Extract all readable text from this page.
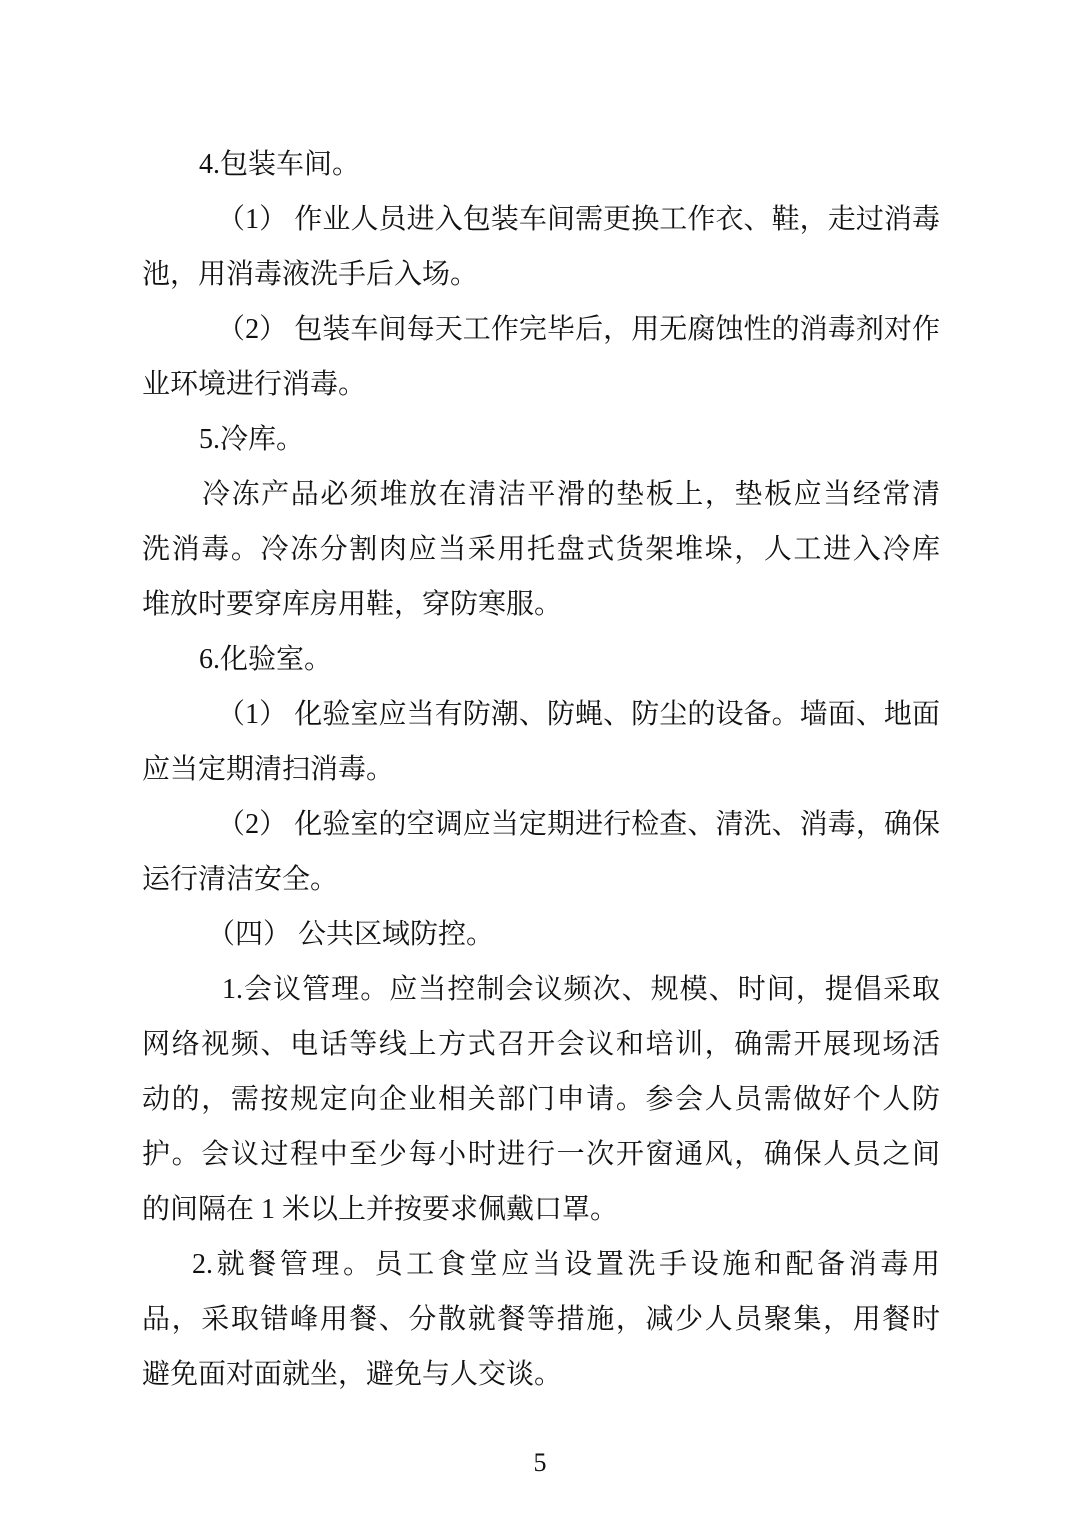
4.包装车间。
（1） 作业人员进入包装车间需更换工作衣、鞋，走过消毒
池，用消毒液洗手后入场。
（2） 包装车间每天工作完毕后，用无腐蚀性的消毒剂对作
业环境进行消毒。
5.冷库。
冷冻产品必须堆放在清洁平滑的垫板上，垫板应当经常清
洗消毒。冷冻分割肉应当采用托盘式货架堆垛，人工进入冷库
堆放时要穿库房用鞋，穿防寒服。
6.化验室。
（1） 化验室应当有防潮、防蝇、防尘的设备。墙面、地面
应当定期清扫消毒。
（2） 化验室的空调应当定期进行检查、清洗、消毒，确保
运行清洁安全。
（四） 公共区域防控。
1.会议管理。应当控制会议频次、规模、时间，提倡采取
网络视频、电话等线上方式召开会议和培训，确需开展现场活
动的，需按规定向企业相关部门申请。参会人员需做好个人防
护。会议过程中至少每小时进行一次开窗通风，确保人员之间
的间隔在 1 米以上并按要求佩戴口罩。
2.就餐管理。员工食堂应当设置洗手设施和配备消毒用
品，采取错峰用餐、分散就餐等措施，减少人员聚集，用餐时
避免面对面就坐，避免与人交谈。
5
